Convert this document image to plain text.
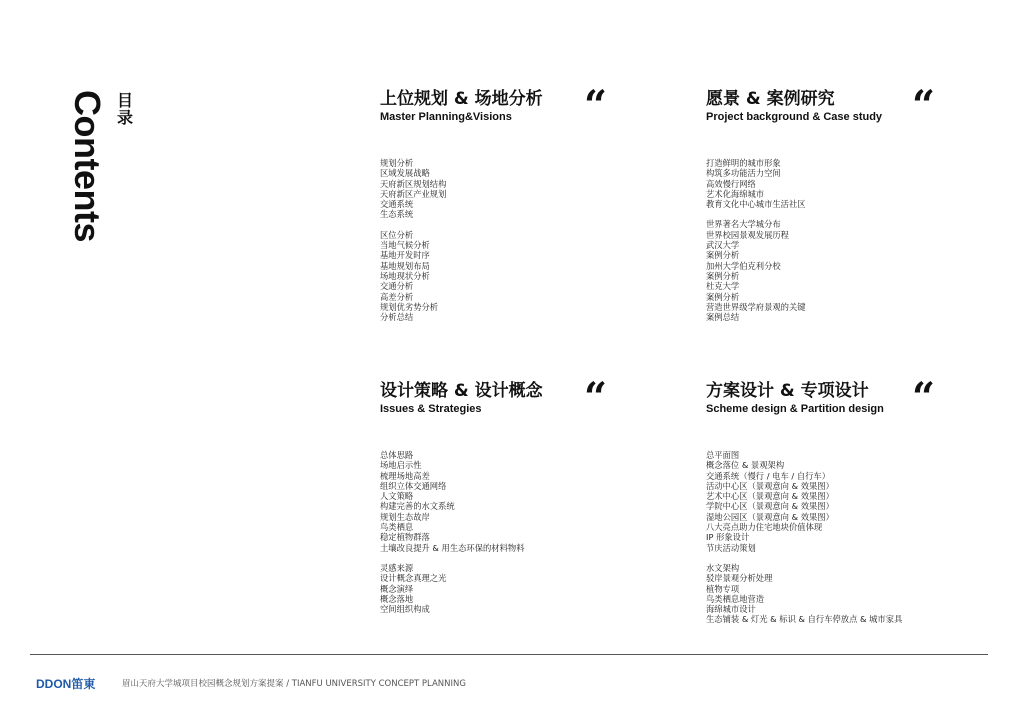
Contents 目录
上位规划 & 场地分析
Master Planning&Visions	“
规划分析
区域发展战略
天府新区规划结构
天府新区产业规划
交通系统
生态系统
区位分析
当地气候分析
基地开发时序
基地规划布局
场地现状分析
交通分析
高差分析
规划优劣势分析
分析总结
愿景 & 案例研究
Project background & Case study “
打造鲜明的城市形象
构筑多功能活力空间
高效慢行网络
艺术化海绵城市
教育文化中心城市生活社区
世界著名大学城分布
世界校园景观发展历程
武汉大学
案例分析
加州大学伯克利分校
案例分析
杜克大学
案例分析
营造世界级学府景观的关键
案例总结
设计策略 & 设计概念
Issues & Strategies	“
总体思路
场地启示性
梳理场地高差
组织立体交通网络
人文策略
构建完善的水文系统
规划生态故岸
鸟类栖息
稳定植物群落
土壤改良提升 & 用生态环保的材料物料
灵感来源
设计概念真理之光
概念演绎
概念落地
空间组织构成
方案设计 & 专项设计
Scheme design & Partition design “
总平面图
概念落位 & 景观架构
交通系统（慢行 / 电车 / 自行车）
活动中心区（景观意向 & 效果图）
艺术中心区（景观意向 & 效果图）
学院中心区（景观意向 & 效果图）
湿地公园区（景观意向 & 效果图）
八大亮点助力住宅地块价值体现
IP 形象设计
节庆活动策划
水文架构
驳岸景观分析处理
植物专项
鸟类栖息地营造
海绵城市设计
生态铺装 & 灯光 & 标识 & 自行车停放点 & 城市家具
DDON笛東	眉山天府大学城项目校园概念规划方案提案 / TIANFU UNIVERSITY CONCEPT PLANNING
